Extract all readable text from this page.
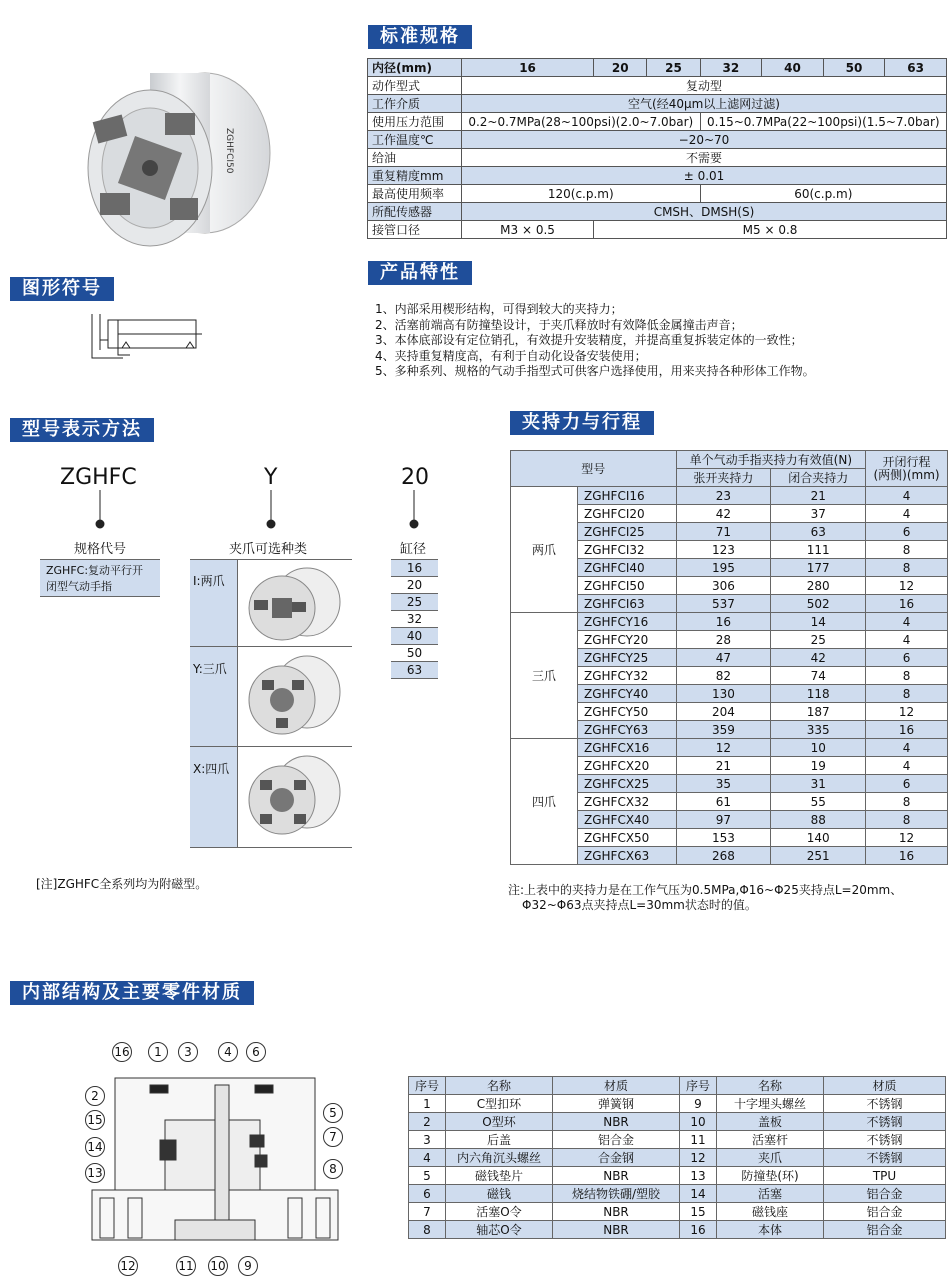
ZGHFCI50
标准规格
内径(mm)	16	20	25	32	40	50	63
动作型式	复动型						
工作介质	空气(经40μm以上滤网过滤)						
使用压力范围	0.2~0.7MPa(28~100psi)(2.0~7.0bar)			0.15~0.7MPa(22~100psi)(1.5~7.0bar)			
工作温度℃	−20~70						
给油	不需要						
重复精度mm	± 0.01						
最高使用频率	120(c.p.m)			60(c.p.m)			
所配传感器	CMSH、DMSH(S)						
接管口径	M3 × 0.5	M5 × 0.8					
产品特性
1、内部采用楔形结构，可得到较大的夹持力；
2、活塞前端高有防撞垫设计，于夹爪释放时有效降低金属撞击声音；
3、本体底部设有定位销孔，有效提升安装精度，并提高重复拆装定体的一致性；
4、夹持重复精度高，有利于自动化设备安装使用；
5、多种系列、规格的气动手指型式可供客户选择使用，用来夹持各种形体工作物。
图形符号
型号表示方法
ZGHFC	Y	20
规格代号	夹爪可选种类	缸径
ZGHFC:复动平行开
闭型气动手指	I:两爪
Y:三爪
X:四爪
16
20
25
32
40
50
63
[注]ZGHFC全系列均为附磁型。
夹持力与行程
型号		单个气动手指夹持力有效值(N)		开闭行程
(两侧)(mm)

		张开夹持力	闭合夹持力	
两爪	ZGHFCI16	23	21	4
	ZGHFCI20	42	37	4
	ZGHFCI25	71	63	6
	ZGHFCI32	123	111	8
	ZGHFCI40	195	177	8
	ZGHFCI50	306	280	12
	ZGHFCI63	537	502	16
三爪	ZGHFCY16	16	14	4
	ZGHFCY20	28	25	4
	ZGHFCY25	47	42	6
	ZGHFCY32	82	74	8
	ZGHFCY40	130	118	8
	ZGHFCY50	204	187	12
	ZGHFCY63	359	335	16
四爪	ZGHFCX16	12	10	4
	ZGHFCX20	21	19	4
	ZGHFCX25	35	31	6
	ZGHFCX32	61	55	8
	ZGHFCX40	97	88	8
	ZGHFCX50	153	140	12
	ZGHFCX63	268	251	16
注:上表中的夹持力是在工作气压为0.5MPa,Φ16~Φ25夹持点L=20mm、
Φ32~Φ63点夹持点L=30mm状态时的值。
内部结构及主要零件材质
16	1	3	4	6
2
15
14
13
5
7
8
12	11 10	9
序号	名称	材质	序号	名称	材质
1	C型扣环	弹簧钢	9	十字埋头螺丝	不锈钢
2	O型环	NBR	10	盖板	不锈钢
3	后盖	铝合金	11	活塞杆	不锈钢
4	内六角沉头螺丝	合金钢	12	夹爪	不锈钢
5	磁钱垫片	NBR	13	防撞垫(环)	TPU
6	磁钱	烧结物铁硼/塑胶	14	活塞	铝合金
7	活塞O令	NBR	15	磁钱座	铝合金
8	轴芯O令	NBR	16	本体	铝合金
